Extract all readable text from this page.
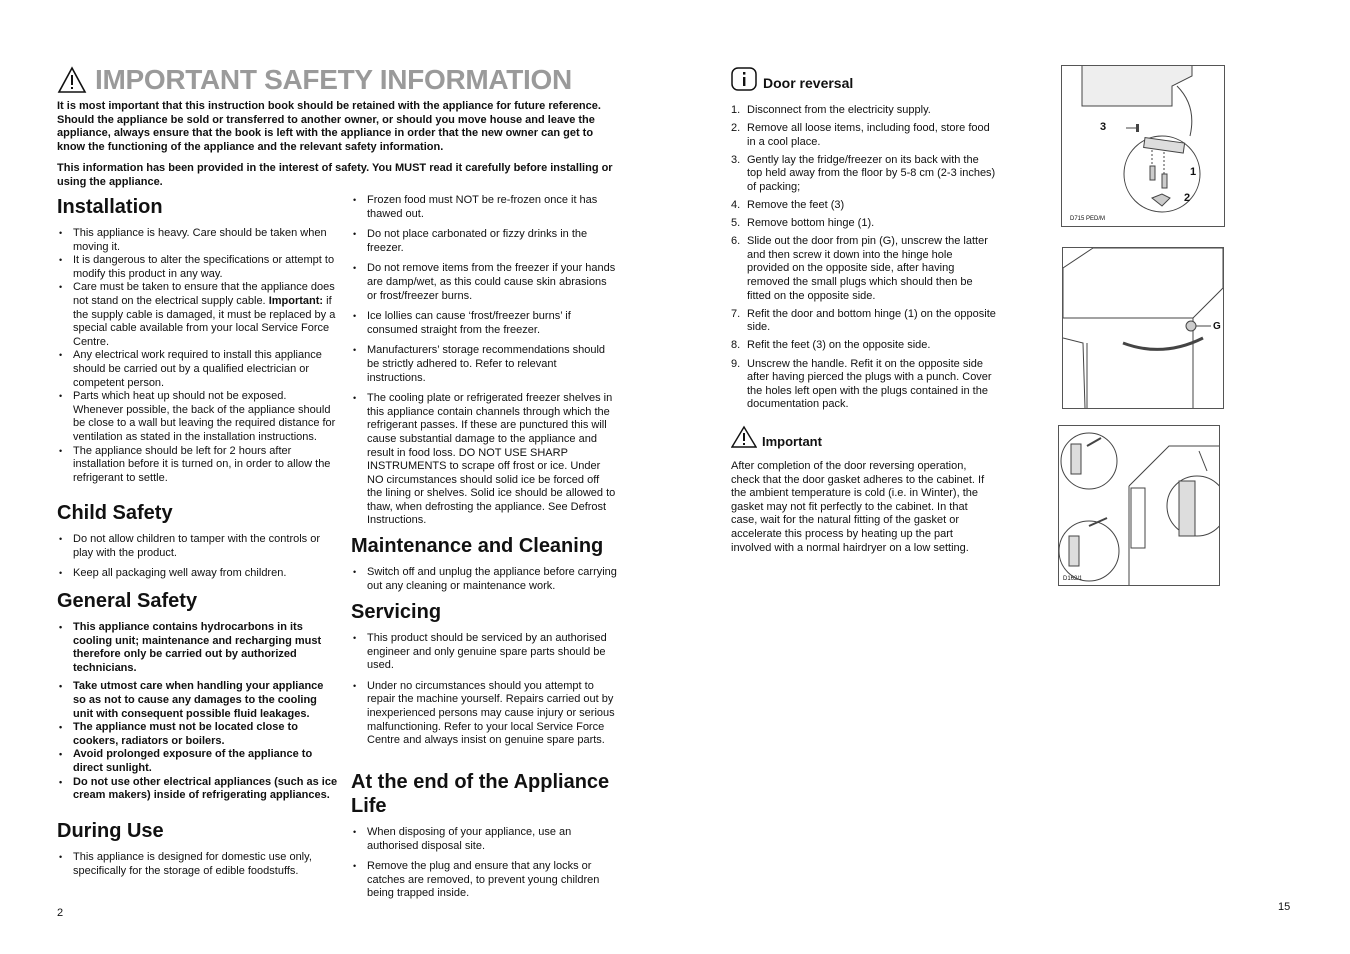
IMPORTANT SAFETY INFORMATION
It is most important that this instruction book should be retained with the appliance for future reference. Should the appliance be sold or transferred to another owner, or should you move house and leave the appliance, always ensure that the book is left with the appliance in order that the new owner can get to know the functioning of the appliance and the relevant safety information.
This information has been provided in the interest of safety. You MUST read it carefully before installing or using the appliance.
Installation
• This appliance is heavy. Care should be taken when moving it.
• It is dangerous to alter the specifications or attempt to modify this product in any way.
• Care must be taken to ensure that the appliance does not stand on the electrical supply cable. Important: if the supply cable is damaged, it must be replaced by a special cable available from your local Service Force Centre.
• Any electrical work required to install this appliance should be carried out by a qualified electrician or competent person.
• Parts which heat up should not be exposed. Whenever possible, the back of the appliance should be close to a wall but leaving the required distance for ventilation as stated in the installation instructions.
• The appliance should be left for 2 hours after installation before it is turned on, in order to allow the refrigerant to settle.
Child Safety
• Do not allow children to tamper with the controls or play with the product.
• Keep all packaging well away from children.
General Safety
• This appliance contains hydrocarbons in its cooling unit; maintenance and recharging must therefore only be carried out by authorized technicians.
• Take utmost care when handling your appliance so as not to cause any damages to the cooling unit with consequent possible fluid leakages.
• The appliance must not be located close to cookers, radiators or boilers.
• Avoid prolonged exposure of the appliance to direct sunlight.
• Do not use other electrical appliances (such as ice cream makers) inside of refrigerating appliances.
During Use
• This appliance is designed for domestic use only, specifically for the storage of edible foodstuffs.
• Frozen food must NOT be re-frozen once it has thawed out.
• Do not place carbonated or fizzy drinks in the freezer.
• Do not remove items from the freezer if your hands are damp/wet, as this could cause skin abrasions or frost/freezer burns.
• Ice lollies can cause ‘frost/freezer burns’ if consumed straight from the freezer.
• Manufacturers’ storage recommendations should be strictly adhered to. Refer to relevant instructions.
• The cooling plate or refrigerated freezer shelves in this appliance contain channels through which the refrigerant passes. If these are punctured this will cause substantial damage to the appliance and result in food loss. DO NOT USE SHARP INSTRUMENTS to scrape off frost or ice. Under NO circumstances should solid ice be forced off the lining or shelves. Solid ice should be allowed to thaw, when defrosting the appliance. See Defrost Instructions.
Maintenance and Cleaning
• Switch off and unplug the appliance before carrying out any cleaning or maintenance work.
Servicing
• This product should be serviced by an authorised engineer and only genuine spare parts should be used.
• Under no circumstances should you attempt to repair the machine yourself. Repairs carried out by inexperienced persons may cause injury or serious malfunctioning. Refer to your local Service Force Centre and always insist on genuine spare parts.
At the end of the Appliance Life
• When disposing of your appliance, use an authorised disposal site.
• Remove the plug and ensure that any locks or catches are removed, to prevent young children being trapped inside.
2
Door reversal
1. Disconnect from the electricity supply.
2. Remove all loose items, including food, store food in a cool place.
3. Gently lay the fridge/freezer on its back with the top held away from the floor by 5-8 cm (2-3 inches) of packing;
4. Remove the feet (3)
5. Remove bottom hinge (1).
6. Slide out the door from pin (G), unscrew the latter and then screw it down into the hinge hole provided on the opposite side, after having removed the small plugs which should then be fitted on the opposite side.
7. Refit the door and bottom hinge (1) on the opposite side.
8. Refit the feet (3) on the opposite side.
9. Unscrew the handle. Refit it on the opposite side after having pierced the plugs with a punch. Cover the holes left open with the plugs contained in the documentation pack.
Important
After completion of the door reversing operation, check that the door gasket adheres to the cabinet. If the ambient temperature is cold (i.e. in Winter), the gasket may not fit perfectly to the cabinet. In that case, wait for the natural fitting of the gasket or accelerate this process by heating up the part involved with a normal hairdryer on a low setting.
3
1
2
D715 PED/M
G
D162/1
15
